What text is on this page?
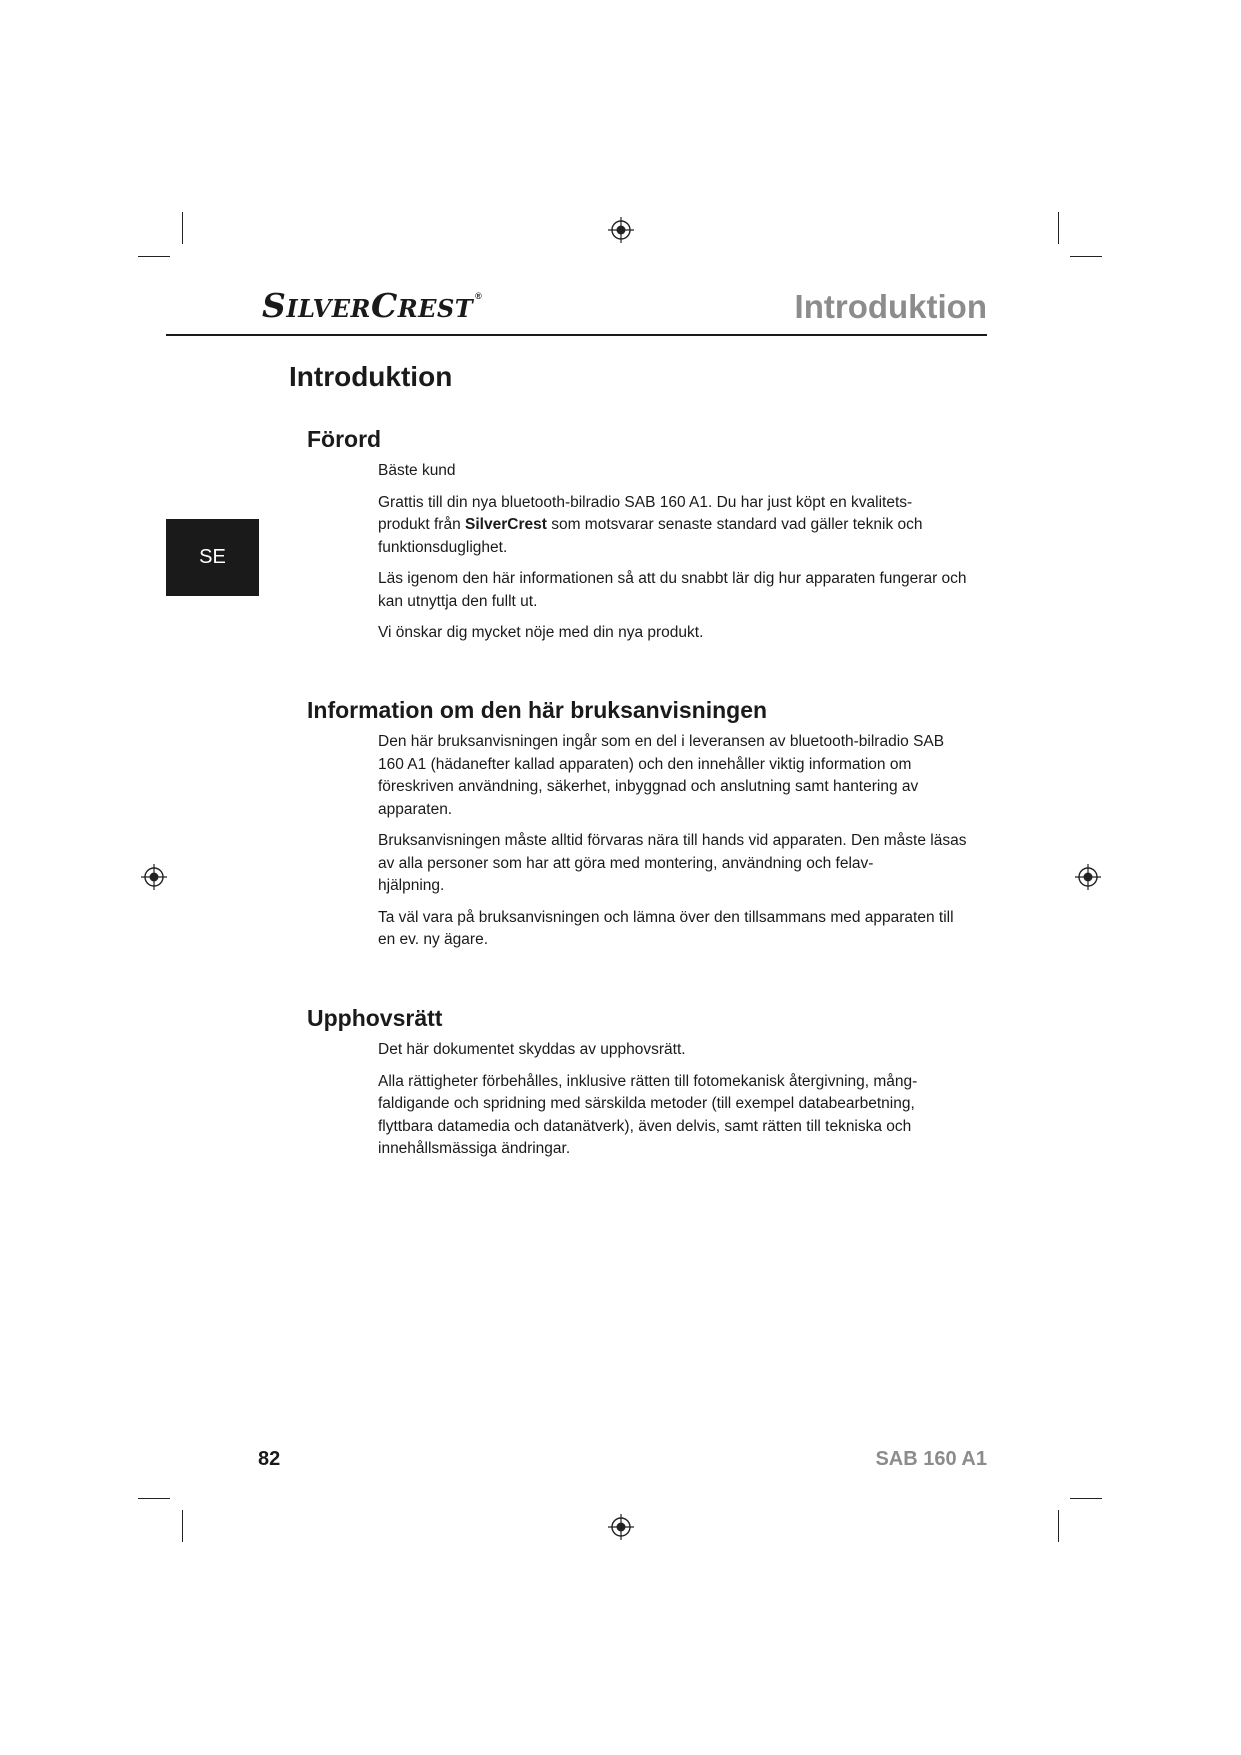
SILVERCREST ®	Introduktion
SE
Introduktion
Förord

Bäste kund

Grattis till din nya bluetooth-bilradio SAB 160 A1. Du har just köpt en kvalitets-
produkt från SilverCrest som motsvarar senaste standard vad gäller teknik och funktionsduglighet.

Läs igenom den här informationen så att du snabbt lär dig hur apparaten fungerar och kan utnyttja den fullt ut.

Vi önskar dig mycket nöje med din nya produkt.

Information om den här bruksanvisningen

Den här bruksanvisningen ingår som en del i leveransen av bluetooth-bilradio SAB 160 A1 (hädanefter kallad apparaten) och den innehåller viktig information om föreskriven användning, säkerhet, inbyggnad och anslutning samt hantering av apparaten.

Bruksanvisningen måste alltid förvaras nära till hands vid apparaten. Den måste läsas av alla personer som har att göra med montering, användning och felav-
hjälpning.

Ta väl vara på bruksanvisningen och lämna över den tillsammans med apparaten till en ev. ny ägare.

Upphovsrätt

Det här dokumentet skyddas av upphovsrätt.

Alla rättigheter förbehålles, inklusive rätten till fotomekanisk återgivning, mång-
faldigande och spridning med särskilda metoder (till exempel databearbetning, flyttbara datamedia och datanätverk), även delvis, samt rätten till tekniska och innehållsmässiga ändringar.

82	SAB 160 A1
